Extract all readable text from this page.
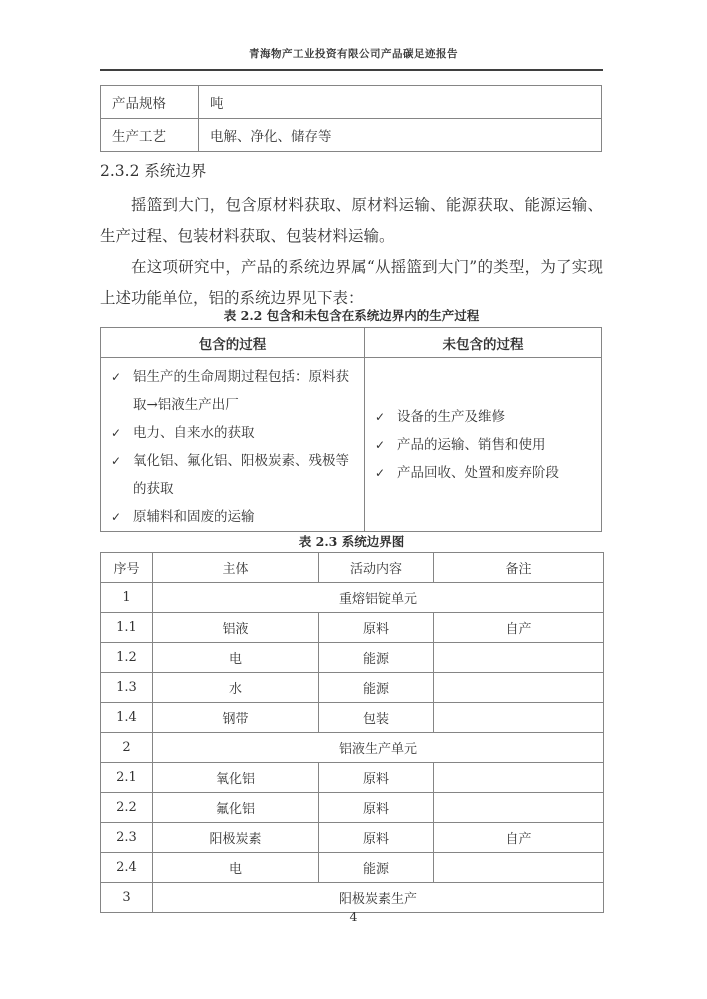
青海物产工业投资有限公司产品碳足迹报告
产品规格	吨
生产工艺	电解、净化、储存等
2.3.2 系统边界

摇篮到大门，包含原材料获取、原材料运输、能源获取、能源运输、生产过程、包装材料获取、包装材料运输。

在这项研究中，产品的系统边界属“从摇篮到大门”的类型，为了实现上述功能单位，铝的系统边界见下表：

表 2.2 包含和未包含在系统边界内的生产过程
包含的过程	未包含的过程

✓ 铝生产的生命周期过程包括：原料获取→铝液生产出厂
✓ 电力、自来水的获取
✓ 氧化铝、氟化铝、阳极炭素、残极等的获取
✓ 原辅料和固废的运输

✓ 设备的生产及维修
✓ 产品的运输、销售和使用
✓ 产品回收、处置和废弃阶段
表 2.3 系统边界图
序号	主体	活动内容	备注
1	重熔铝锭单元		
1.1	铝液	原料	自产
1.2	电	能源	
1.3	水	能源	
1.4	钢带	包装	
2	铝液生产单元		
2.1	氧化铝	原料	
2.2	氟化铝	原料	
2.3	阳极炭素	原料	自产
2.4	电	能源	
3	阳极炭素生产		
4
